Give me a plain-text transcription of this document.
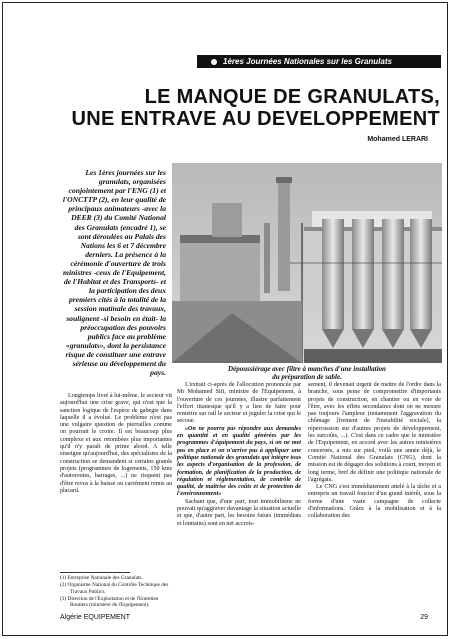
1ères Journées Nationales sur les Granulats
LE MANQUE DE GRANULATS,
UNE ENTRAVE AU DEVELOPPEMENT
Mohamed LERARI
Les 1ères journées sur les granulats, organisées conjointement par l'ENG (1) et l'ONCTTP (2), en leur qualité de principaux animateurs -avec la DEER (3) du Comité National des Granulats (encadré 1), se sont déroulées au Palais des Nations les 6 et 7 décembre derniers. La présence à la cérémonie d'ouverture de trois ministres -ceux de l'Equipement, de l'Habitat et des Transports- et la participation des deux premiers cités à la totalité de la session matinale des travaux, soulignent -si besoin en était- la préoccupation des pouvoirs publics face au problème «granulats», dont la persistance risque de constituer une entrave sérieuse au développement du pays.	Dépoussiérage avec filtre à manches d'une installation
du préparation de sable.

Longtemps livré à lui-même, le secteur vit aujourd'hui une crise grave, qui n'est que la sanction logique de l'espèce de gabegie dans laquelle il a évolué. Le problème n'est pas une vulgaire question de pierrailles comme on pourrait le croire. Il est beaucoup plus complexe et aux retombées plus importantes qu'il n'y paraît de prime abord. A telle enseigne qu'aujourd'hui, des spécialistes de la construction se demandent si certains grands projets (programmes de logements, 150 kms d'autoroutes, barrages, ...) ne risquent pas d'être revus à la baisse ou carrément remis au placard.

L'extrait ci-après de l'allocution prononcée par Mr Mohamed Sifi, ministre de l'Equipement, à l'ouverture de ces journées, illustre parfaitement l'effort titanesque qu'il y a lieu de faire pour remettre sur rail le secteur et juguler la crise qui le secoue.

«On ne pourra pas répondre aux demandes en quantité et en qualité générées par les programmes d'équipement du pays, si on ne met pas en place et on n'arrive pas à appliquer une politique nationale des granulats qui intègre tous les aspects d'organisation de la profession, de formation, de planification de la production, de régulation et réglementation, de contrôle de qualité, de maîtrise des coûts et de protection de l'environnement»

Sachant que, d'une part, tout immobilisme ne pouvait qu'aggraver davantage la situation actuelle et que, d'autre part, les besoins futurs (immédiats et lointains) sont en net accrois-

sement, il devenait urgent de mettre de l'ordre dans la branche, sous peine de compromettre d'importants projets de construction, en chantier ou en voie de l'être, avec les effets secondaires dont on ne mesure pas toujours l'ampleur (notamment l'aggravation du chômage [freinent de l'instabilité sociale], la répercussion sur d'autres projets de développement, les surcoûts, ...). C'est dans ce cadre que le ministère de l'Equipement, en accord avec les autres ministères concernés, a mis sur pied, voilà une année déjà, le Comité National des Granulats (CNG), dont la mission est de dégager des solutions à court, moyen et long terme, bref de définir une politique nationale de l'agrégats.

Le CNG s'est immédiatement attelé à la tâche et a entrepris un travail foncier d'un grand intérêt, sous la forme d'une vaste campagne de collecte d'informations. Grâce à la mobilisation et à la collaboration des

(1) Entreprise Nationale des Granulats.
(2) Organisme National du Contrôle Technique des Travaux Publics.
(3) Direction de l'Exploitation et de l'Entretien Routiers (ministère de l'Equipement).
Algérie EQUIPEMENT	29
